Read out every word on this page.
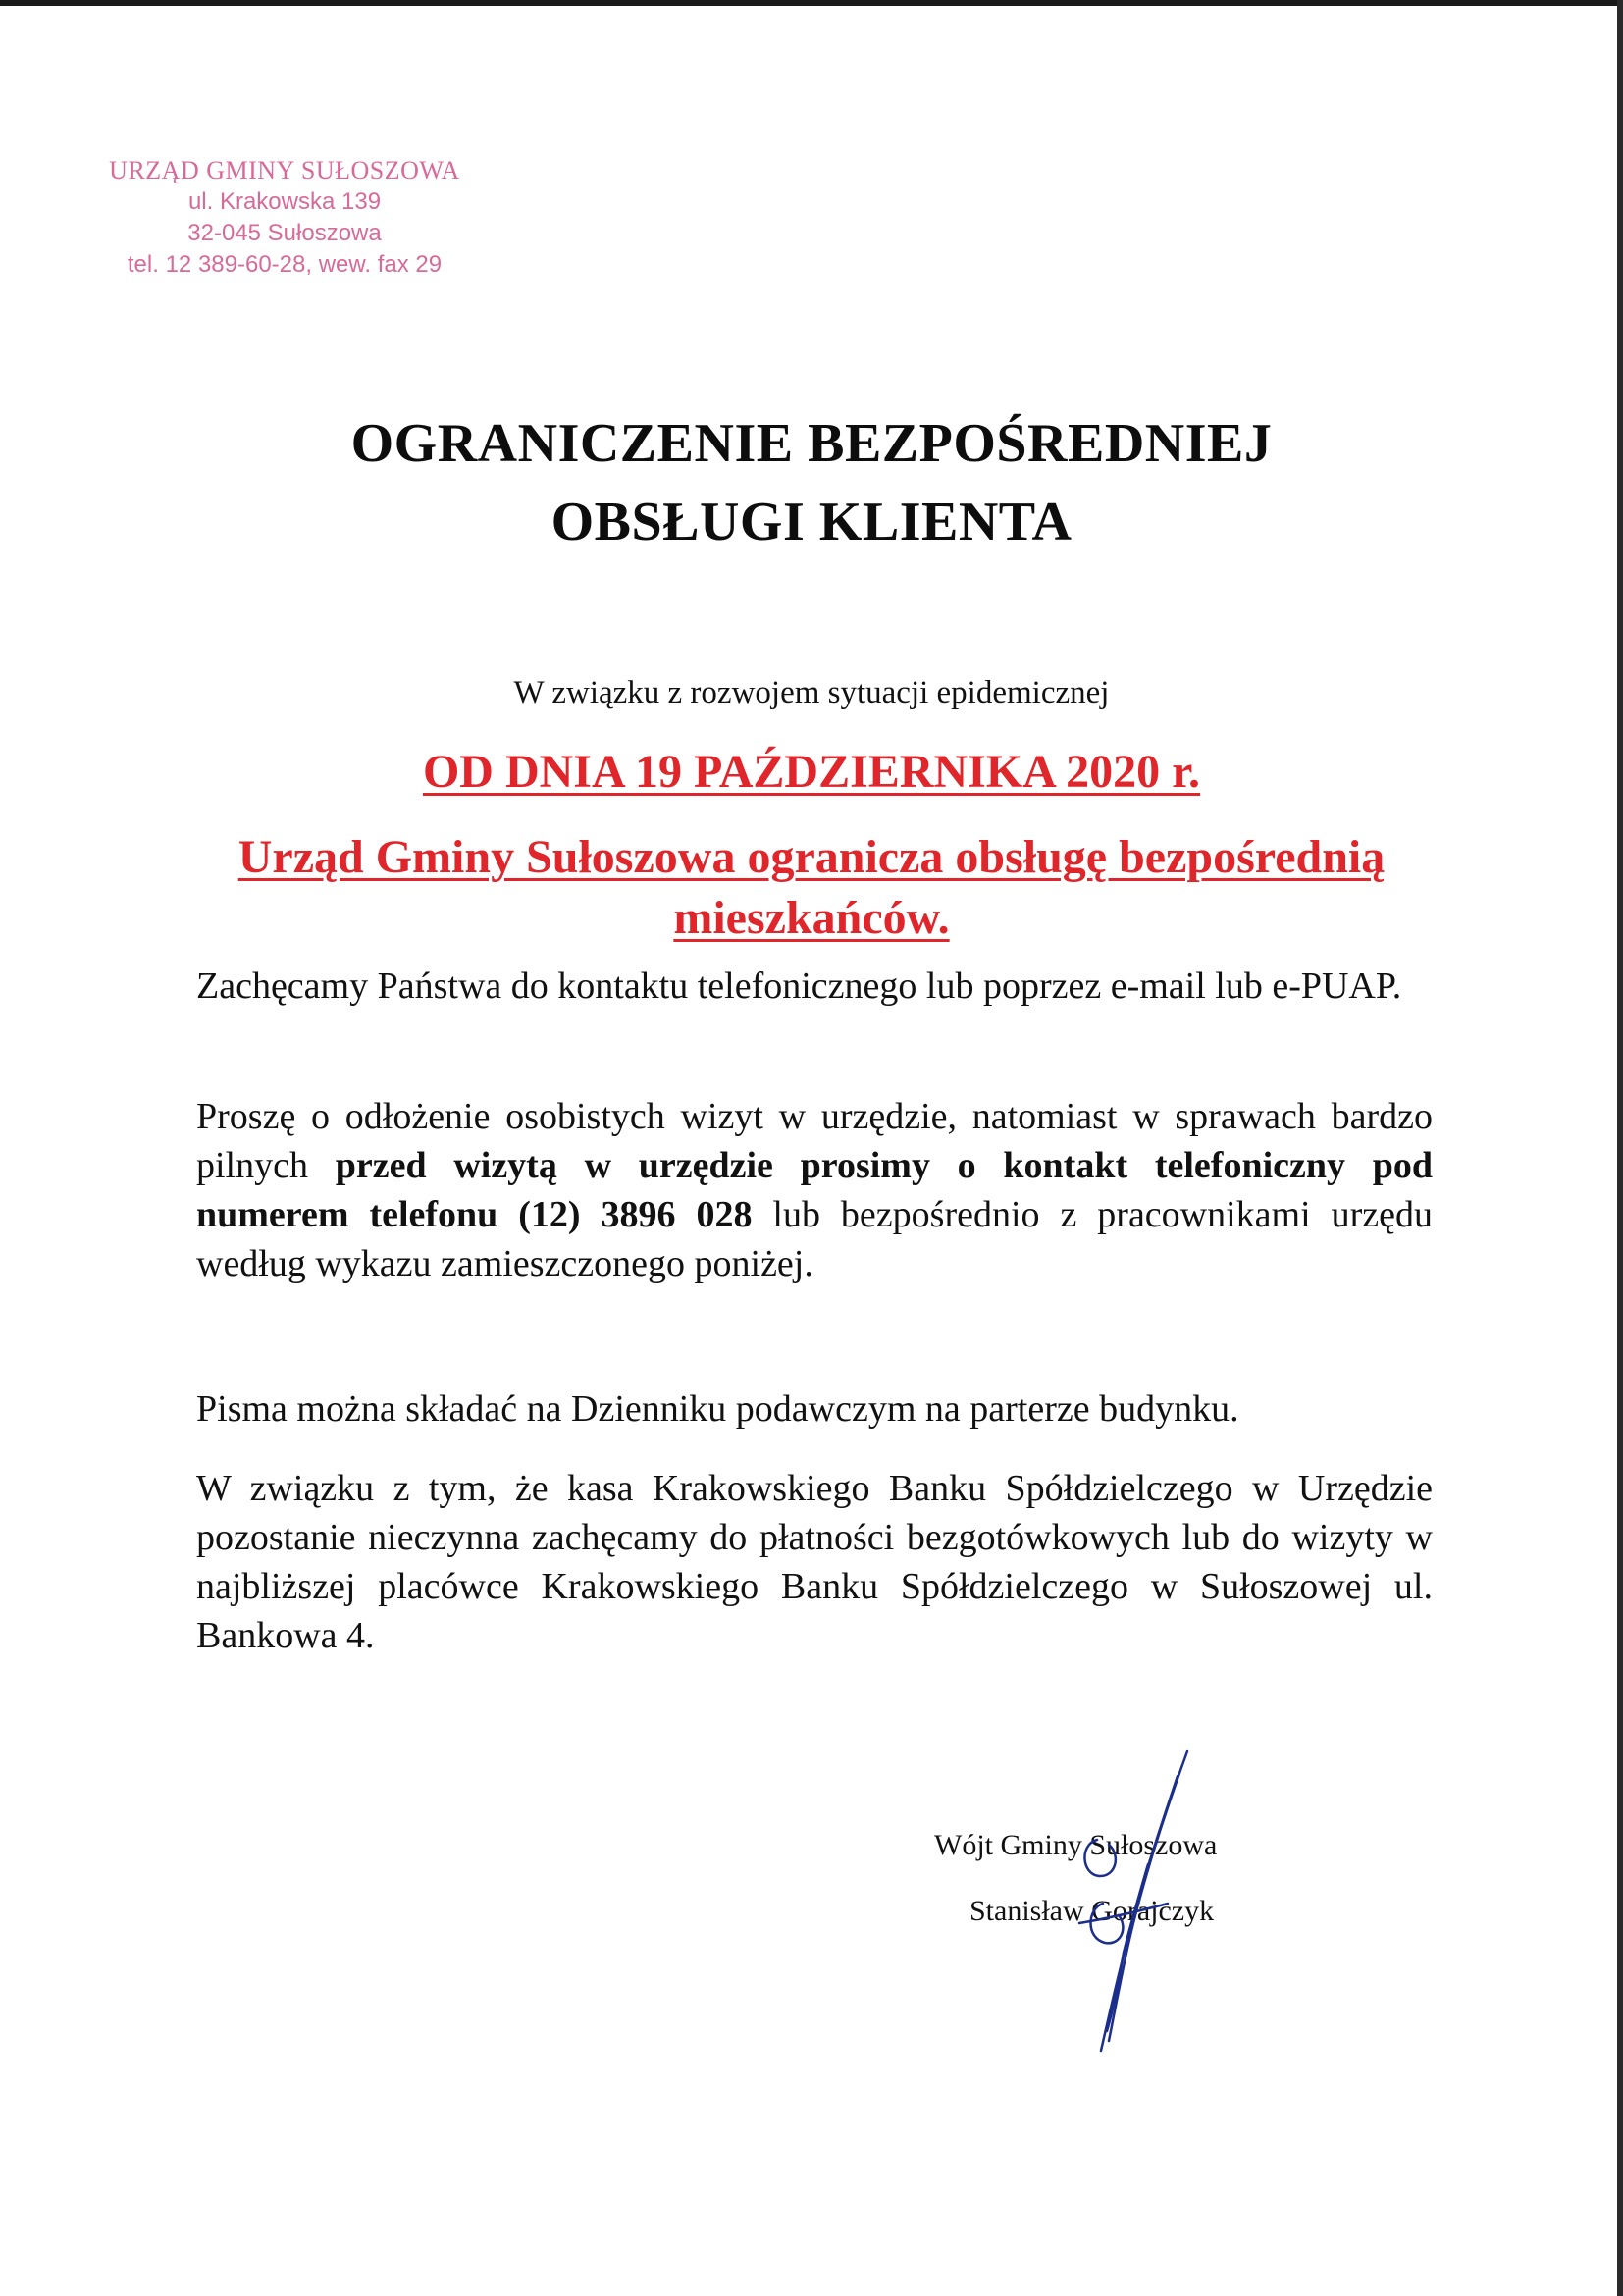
URZĄD GMINY SUŁOSZOWA
ul. Krakowska 139
32-045 Sułoszowa
tel. 12 389-60-28, wew. fax 29
OGRANICZENIE BEZPOŚREDNIEJ
OBSŁUGI KLIENTA
W związku z rozwojem sytuacji epidemicznej
OD DNIA 19 PAŹDZIERNIKA 2020 r.
Urząd Gminy Sułoszowa ogranicza obsługę bezpośrednią
mieszkańców.

Zachęcamy Państwa do kontaktu telefonicznego lub poprzez e-mail lub e-PUAP.

Proszę o odłożenie osobistych wizyt w urzędzie, natomiast w sprawach bardzo pilnych przed wizytą w urzędzie prosimy o kontakt telefoniczny pod numerem telefonu (12) 3896 028 lub bezpośrednio z pracownikami urzędu według wykazu zamieszczonego poniżej.

Pisma można składać na Dzienniku podawczym na parterze budynku.

W związku z tym, że kasa Krakowskiego Banku Spółdzielczego w Urzędzie pozostanie nieczynna zachęcamy do płatności bezgotówkowych lub do wizyty w najbliższej placówce Krakowskiego Banku Spółdzielczego w Sułoszowej ul. Bankowa 4.

Wójt Gminy Sułoszowa
Stanisław Gorajczyk
